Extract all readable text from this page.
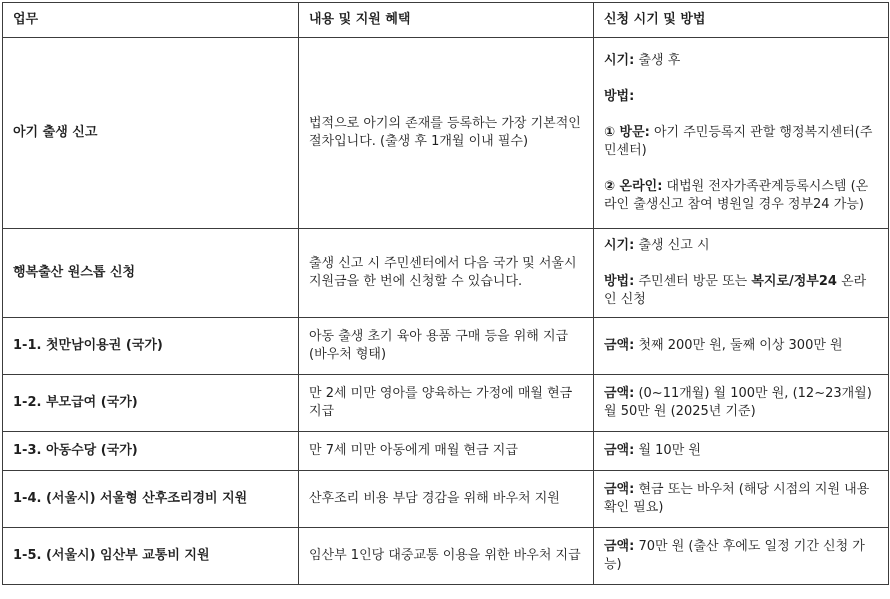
업무	내용 및 지원 혜택	신청 시기 및 방법
아기 출생 신고	법적으로 아기의 존재를 등록하는 가장 기본적인 절차입니다. (출생 후 1개월 이내 필수)	시기: 출생 후

방법:

① 방문: 아기 주민등록지 관할 행정복지센터(주민센터)

② 온라인: 대법원 전자가족관계등록시스템 (온라인 출생신고 참여 병원일 경우 정부24 가능)

행복출산 원스톱 신청	출생 신고 시 주민센터에서 다음 국가 및 서울시 지원금을 한 번에 신청할 수 있습니다.	시기: 출생 신고 시

방법: 주민센터 방문 또는 복지로/정부24 온라인 신청

1-1. 첫만남이용권 (국가)	아동 출생 초기 육아 용품 구매 등을 위해 지급 (바우처 형태)	금액: 첫째 200만 원, 둘째 이상 300만 원

1-2. 부모급여 (국가)	만 2세 미만 영아를 양육하는 가정에 매월 현금 지급	금액: (0~11개월) 월 100만 원, (12~23개월) 월 50만 원 (2025년 기준)

1-3. 아동수당 (국가)	만 7세 미만 아동에게 매월 현금 지급	금액: 월 10만 원

1-4. (서울시) 서울형 산후조리경비 지원	산후조리 비용 부담 경감을 위해 바우처 지원	금액: 현금 또는 바우처 (해당 시점의 지원 내용 확인 필요)

1-5. (서울시) 임산부 교통비 지원	임산부 1인당 대중교통 이용을 위한 바우처 지급	금액: 70만 원 (출산 후에도 일정 기간 신청 가능)
